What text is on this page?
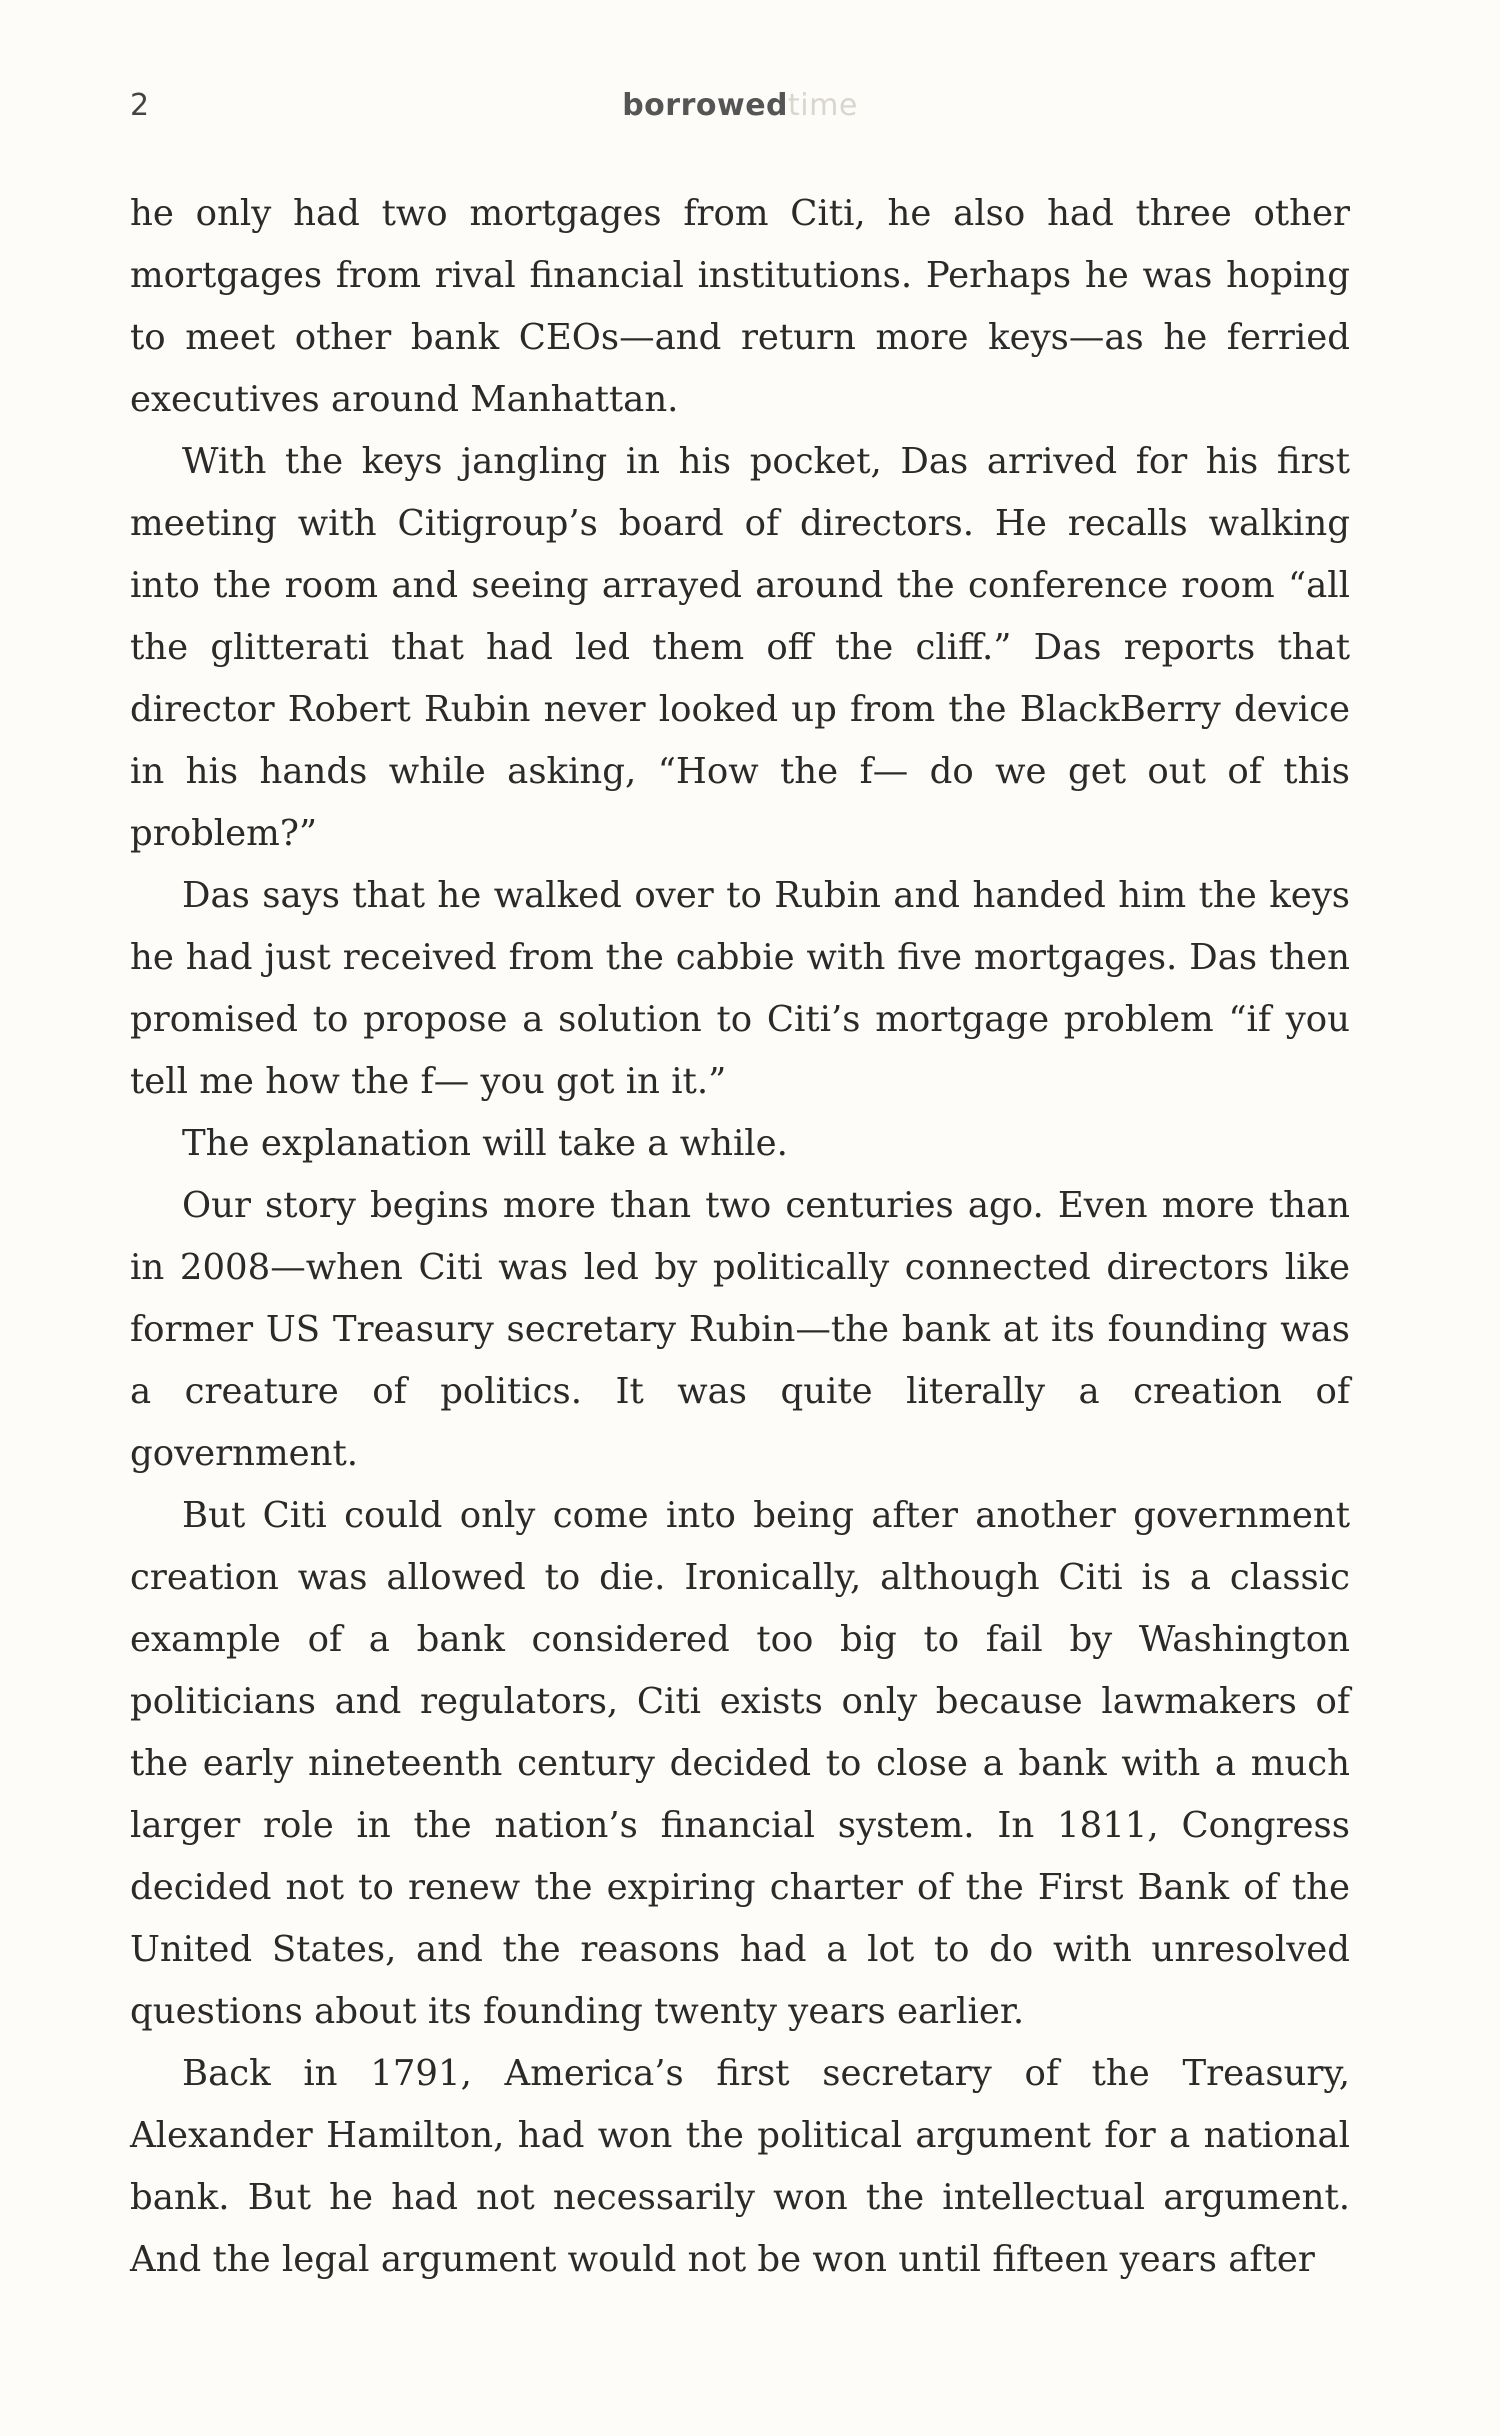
2	borrowedtime

he only had two mortgages from Citi, he also had three other mortgages from rival financial institutions. Perhaps he was hoping to meet other bank CEOs—and return more keys—as he ferried executives around Manhattan.

With the keys jangling in his pocket, Das arrived for his first meeting with Citigroup’s board of directors. He recalls walking into the room and seeing arrayed around the conference room “all the glitterati that had led them off the cliff.” Das reports that director Robert Rubin never looked up from the BlackBerry device in his hands while asking, “How the f— do we get out of this problem?”

Das says that he walked over to Rubin and handed him the keys he had just received from the cabbie with five mortgages. Das then promised to propose a solution to Citi’s mortgage problem “if you tell me how the f— you got in it.”

The explanation will take a while.

Our story begins more than two centuries ago. Even more than in 2008—when Citi was led by politically connected directors like former US Treasury secretary Rubin—the bank at its founding was a creature of politics. It was quite literally a creation of government.

But Citi could only come into being after another government creation was allowed to die. Ironically, although Citi is a classic example of a bank considered too big to fail by Washington politicians and regulators, Citi exists only because lawmakers of the early nineteenth century decided to close a bank with a much larger role in the nation’s financial system. In 1811, Congress decided not to renew the expiring charter of the First Bank of the United States, and the reasons had a lot to do with unresolved questions about its founding twenty years earlier.

Back in 1791, America’s first secretary of the Treasury, Alexander Hamilton, had won the political argument for a national bank. But he had not necessarily won the intellectual argument. And the legal argument would not be won until fifteen years after
